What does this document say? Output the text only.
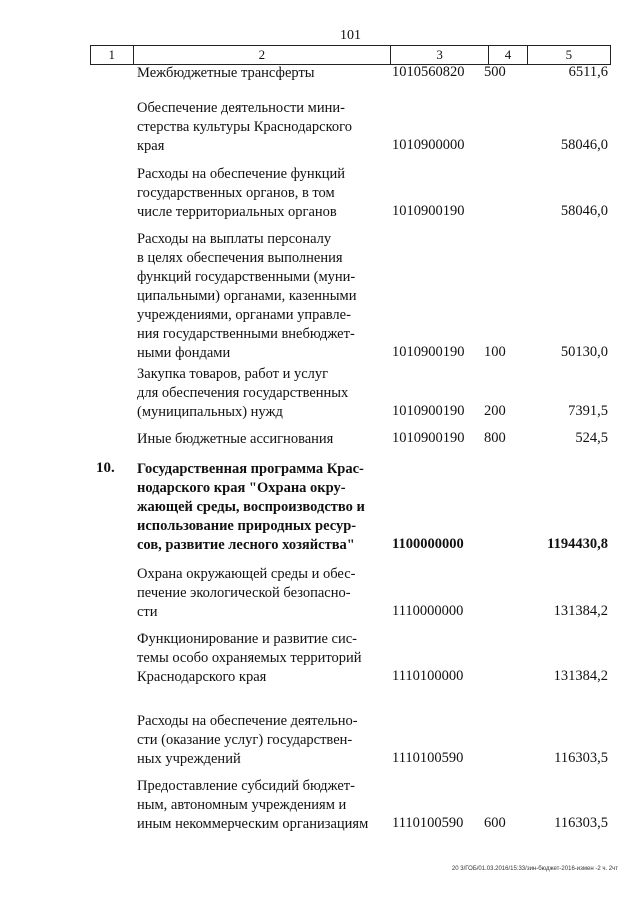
101
1	2	3	4	5
Межбюджетные трансферты	1010560820 500	6511,6
Обеспечение деятельности мини-
стерства культуры Краснодарского
края	1010900000	58046,0
Расходы на обеспечение функций
государственных органов, в том
числе территориальных органов	1010900190	58046,0
Расходы на выплаты персоналу
в целях обеспечения выполнения
функций государственными (муни-
ципальными) органами, казенными
учреждениями, органами управле-
ния государственными внебюджет-
ными фондами	1010900190 100	50130,0
Закупка товаров, работ и услуг
для обеспечения государственных
(муниципальных) нужд	1010900190 200	7391,5
Иные бюджетные ассигнования	1010900190 800	524,5
10. Государственная программа Крас-
нодарского края "Охрана окру-
жающей среды, воспроизводство и
использование природных ресур-
сов, развитие лесного хозяйства"	1100000000	1194430,8
Охрана окружающей среды и обес-
печение экологической безопасно-
сти	1110000000	131384,2
Функционирование и развитие сис-
темы особо охраняемых территорий
Краснодарского края	1110100000	131384,2
Расходы на обеспечение деятельно-
сти (оказание услуг) государствен-
ных учреждений	1110100590	116303,5
Предоставление субсидий бюджет-
ным, автономным учреждениям и
иным некоммерческим организациям	1110100590 600	116303,5
20 3/ГОБ/01.03.2016/15:33/зин-бюджет-2016-измен -2 ч. 2чт
